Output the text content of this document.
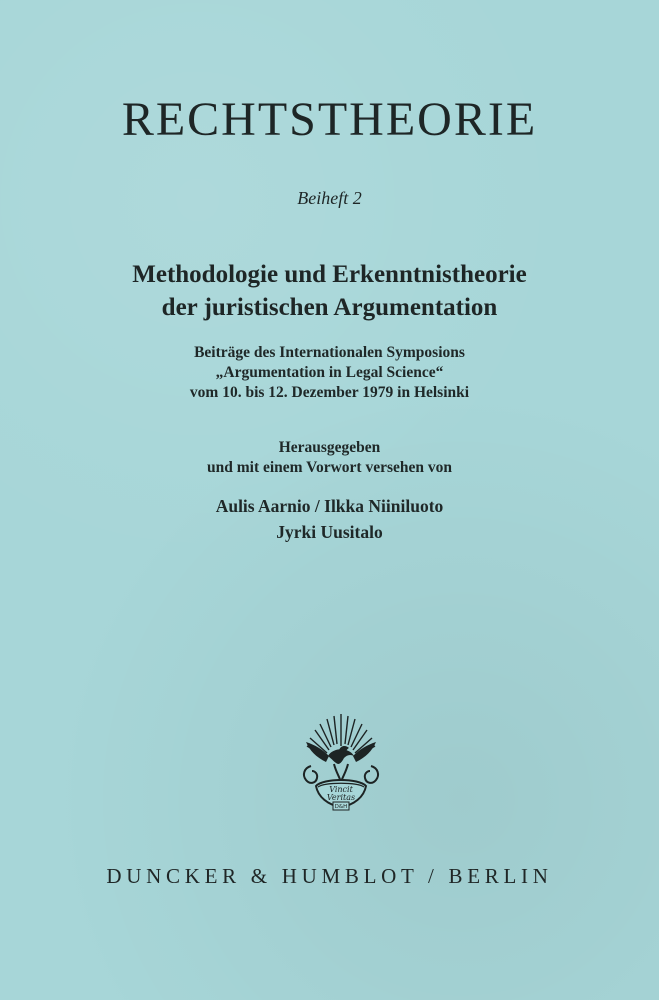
RECHTSTHEORIE
Beiheft 2
Methodologie und Erkenntnistheorie
der juristischen Argumentation
Beiträge des Internationalen Symposions
„Argumentation in Legal Science“
vom 10. bis 12. Dezember 1979 in Helsinki
Herausgegeben
und mit einem Vorwort versehen von
Aulis Aarnio / Ilkka Niiniluoto
Jyrki Uusitalo
Vincit
Veritas
D&H
DUNCKER & HUMBLOT / BERLIN
